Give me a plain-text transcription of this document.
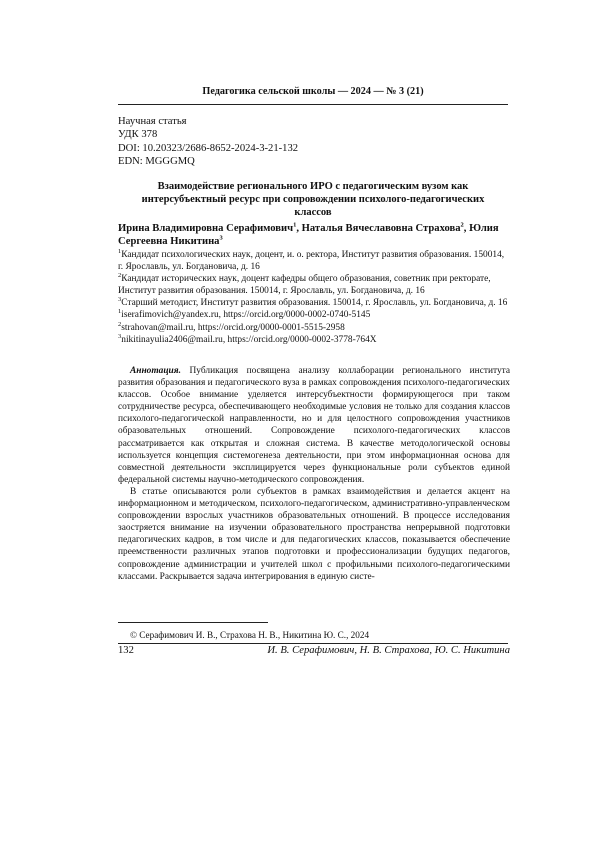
Педагогика сельской школы — 2024 — № 3 (21)
Научная статья
УДК 378
DOI: 10.20323/2686-8652-2024-3-21-132
EDN: MGGGMQ
Взаимодействие регионального ИРО с педагогическим вузом как интерсубъектный ресурс при сопровождении психолого-педагогических классов
Ирина Владимировна Серафимович$^1$, Наталья Вячеславовна Страхова$^2$, Юлия Сергеевна Никитина$^3$
$^1$Кандидат психологических наук, доцент, и. о. ректора, Институт развития образования. 150014, г. Ярославль, ул. Богдановича, д. 16
$^2$Кандидат исторических наук, доцент кафедры общего образования, советник при ректорате, Институт развития образования. 150014, г. Ярославль, ул. Богдановича, д. 16
$^3$Старший методист, Институт развития образования. 150014, г. Ярославль, ул. Богдановича, д. 16
$^1$iserafimovich@yandex.ru, https://orcid.org/0000-0002-0740-5145
$^2$strahovan@mail.ru, https://orcid.org/0000-0001-5515-2958
$^3$nikitinayulia2406@mail.ru, https://orcid.org/0000-0002-3778-764X

Аннотация. Публикация посвящена анализу коллаборации регионального института развития образования и педагогического вуза в рамках сопровождения психолого-педагогических классов. Особое внимание уделяется интерсубъектности формирующегося при таком сотрудничестве ресурса, обеспечивающего необходимые условия не только для создания классов психолого-педагогической направленности, но и для целостного сопровождения участников образовательных отношений. Сопровождение психолого-педагогических классов рассматривается как открытая и сложная система. В качестве методологической основы используется концепция системогенеза деятельности, при этом информационная основа для совместной деятельности эксплицируется через функциональные роли субъектов единой федеральной системы научно-методического сопровождения.

В статье описываются роли субъектов в рамках взаимодействия и делается акцент на информационном и методическом, психолого-педагогическом, административно-управленческом сопровождении взрослых участников образовательных отношений. В процессе исследования заостряется внимание на изучении образовательного пространства непрерывной подготовки педагогических кадров, в том числе и для педагогических классов, показывается обеспечение преемственности различных этапов подготовки и профессионализации будущих педагогов, сопровождение администрации и учителей школ с профильными психолого-педагогическими классами. Раскрывается задача интегрирования в единую систе-

© Серафимович И. В., Страхова Н. В., Никитина Ю. С., 2024
132	И. В. Серафимович, Н. В. Страхова, Ю. С. Никитина
